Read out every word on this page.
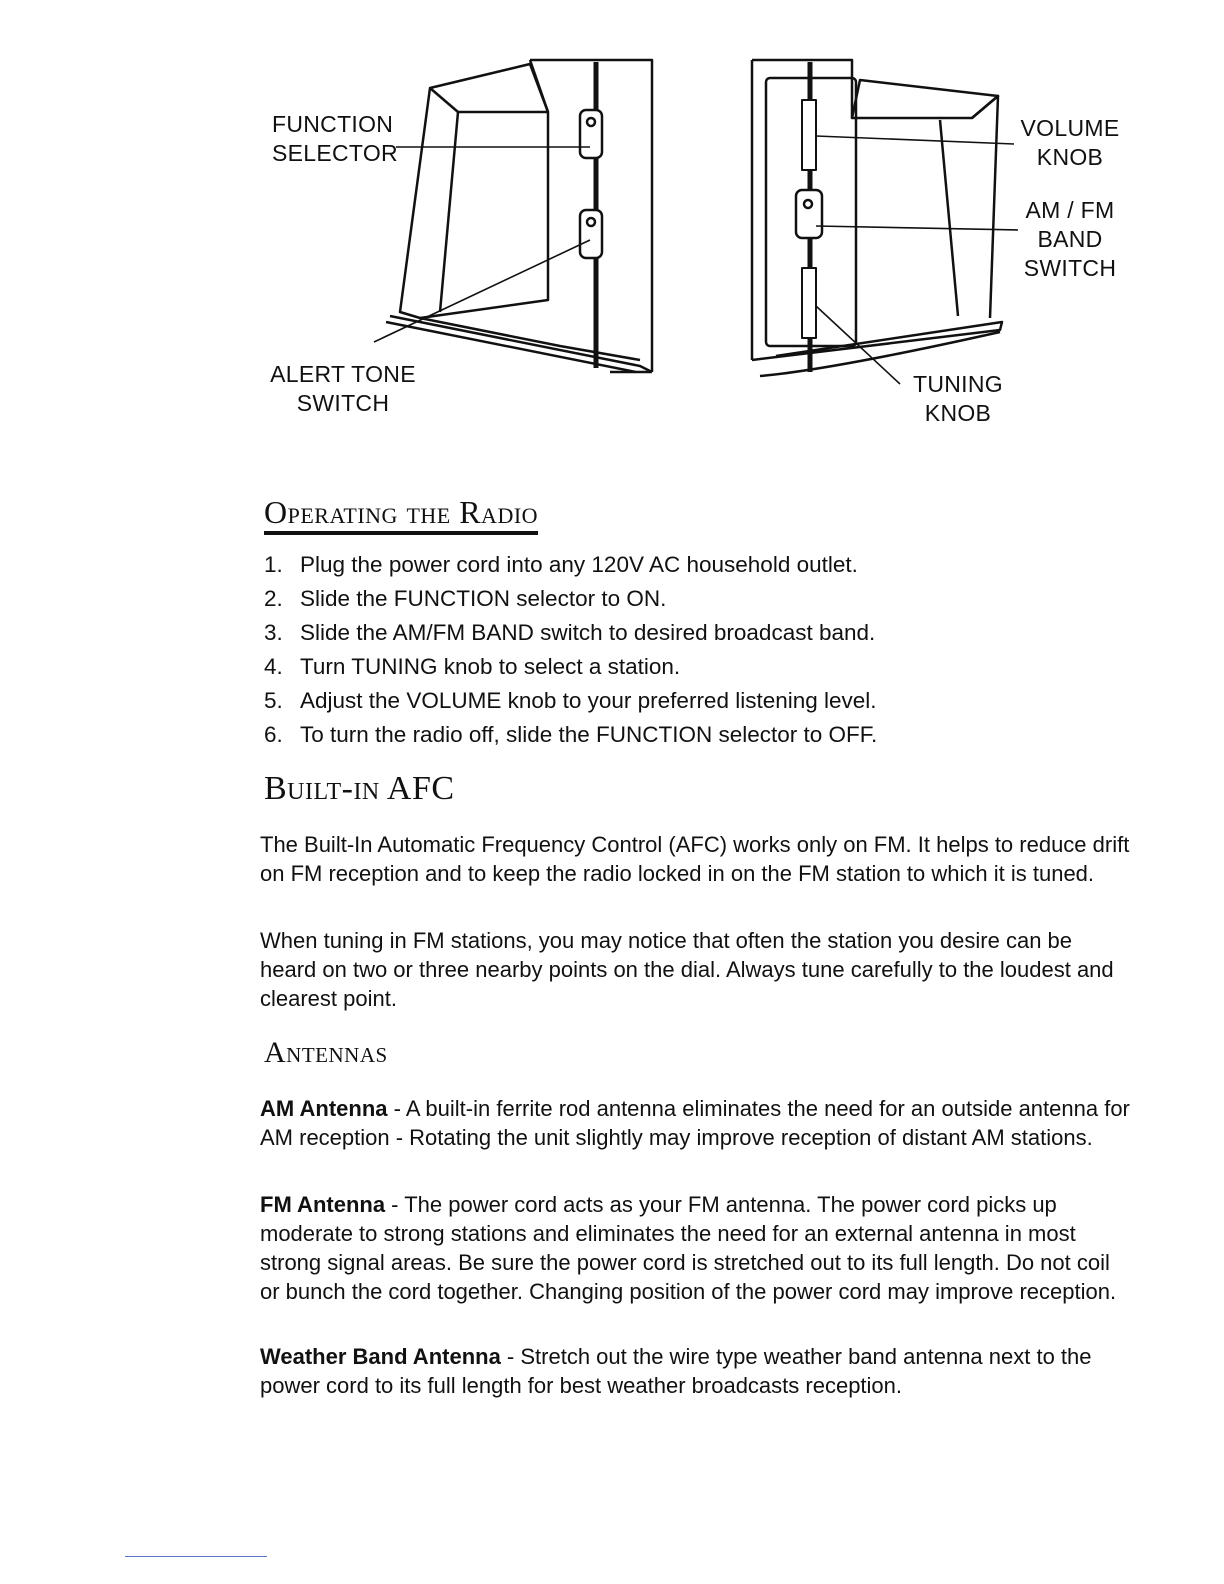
FUNCTION
SELECTOR
ALERT TONE
SWITCH
VOLUME
KNOB
AM / FM
BAND
SWITCH
TUNING
KNOB
Operating the Radio
1. Plug the power cord into any 120V AC household outlet.
2. Slide the FUNCTION selector to ON.
3. Slide the AM/FM BAND switch to desired broadcast band.
4. Turn TUNING knob to select a station.
5. Adjust the VOLUME knob to your preferred listening level.
6. To turn the radio off, slide the FUNCTION selector to OFF.
Built-in AFC

The Built-In Automatic Frequency Control (AFC) works only on FM. It helps to reduce drift on FM reception and to keep the radio locked in on the FM station to which it is tuned.

When tuning in FM stations, you may notice that often the station you desire can be heard on two or three nearby points on the dial. Always tune carefully to the loudest and clearest point.

Antennas

AM Antenna - A built-in ferrite rod antenna eliminates the need for an outside antenna for AM reception - Rotating the unit slightly may improve reception of distant AM stations.

FM Antenna - The power cord acts as your FM antenna. The power cord picks up moderate to strong stations and eliminates the need for an external antenna in most strong signal areas. Be sure the power cord is stretched out to its full length. Do not coil or bunch the cord together. Changing position of the power cord may improve reception.

Weather Band Antenna - Stretch out the wire type weather band antenna next to the power cord to its full length for best weather broadcasts reception.
